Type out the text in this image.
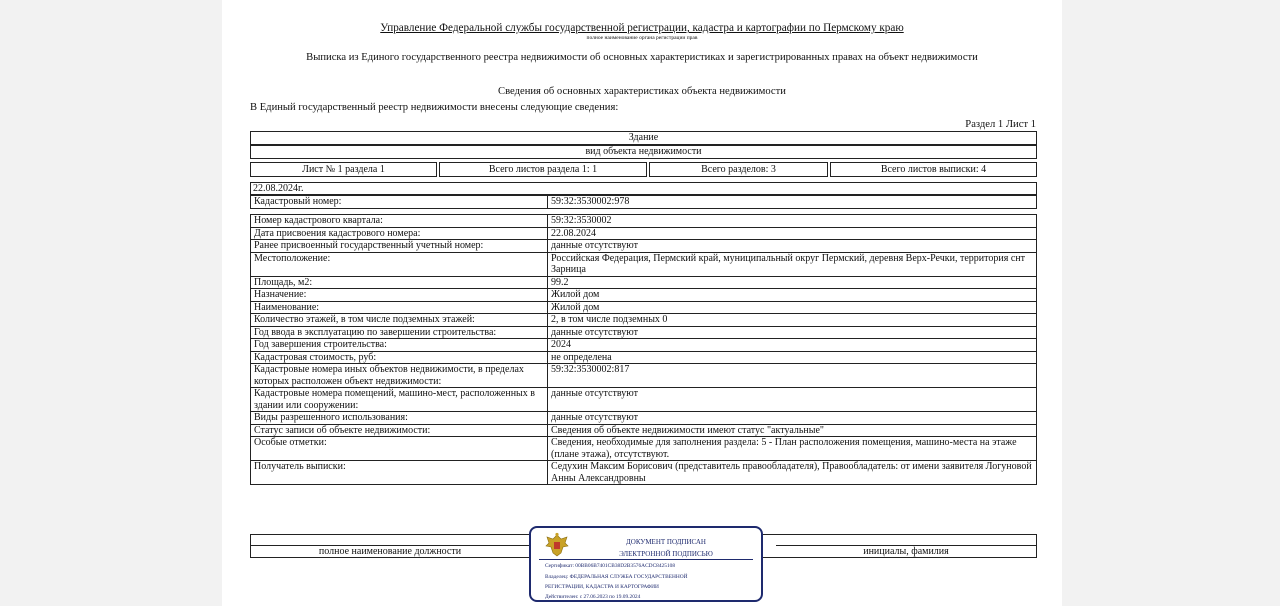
Управление Федеральной службы государственной регистрации, кадастра и картографии по Пермскому краю
полное наименование органа регистрации прав
Выписка из Единого государственного реестра недвижимости об основных характеристиках и зарегистрированных правах на объект недвижимости
Сведения об основных характеристиках объекта недвижимости
В Единый государственный реестр недвижимости внесены следующие сведения:
Раздел 1 Лист 1
Здание
вид объекта недвижимости
Лист № 1 раздела 1	Всего листов раздела 1: 1	Всего разделов: 3	Всего листов выписки: 4
22.08.2024г.
Кадастровый номер:	59:32:3530002:978
Номер кадастрового квартала:	59:32:3530002
Дата присвоения кадастрового номера:	22.08.2024
Ранее присвоенный государственный учетный номер:	данные отсутствуют
Местоположение:	Российская Федерация, Пермский край, муниципальный округ Пермский, деревня Верх-Речки, территория снт Зарница
Площадь, м2:	99.2
Назначение:	Жилой дом
Наименование:	Жилой дом
Количество этажей, в том числе подземных этажей:	2, в том числе подземных 0
Год ввода в эксплуатацию по завершении строительства:	данные отсутствуют
Год завершения строительства:	2024
Кадастровая стоимость, руб:	не определена
Кадастровые номера иных объектов недвижимости, в пределах которых расположен объект недвижимости:	59:32:3530002:817
Кадастровые номера помещений, машино-мест, расположенных в здании или сооружении:	данные отсутствуют
Виды разрешенного использования:	данные отсутствуют
Статус записи об объекте недвижимости:	Сведения об объекте недвижимости имеют статус "актуальные"
Особые отметки:	Сведения, необходимые для заполнения раздела: 5 - План расположения помещения, машино-места на этаже (плане этажа), отсутствуют.
Получатель выписки:	Седухин Максим Борисович (представитель правообладателя), Правообладатель: от имени заявителя Логуновой Анны Александровны
полное наименование должности	инициалы, фамилия
ДОКУМЕНТ ПОДПИСАН
ЭЛЕКТРОННОЙ ПОДПИСЬЮ
Сертификат: 00BB06B7401CB38D2B3576ACDC8425108
Владелец: ФЕДЕРАЛЬНАЯ СЛУЖБА ГОСУДАРСТВЕННОЙ
РЕГИСТРАЦИИ, КАДАСТРА И КАРТОГРАФИИ
Действителен: с 27.06.2023 по 19.09.2024
